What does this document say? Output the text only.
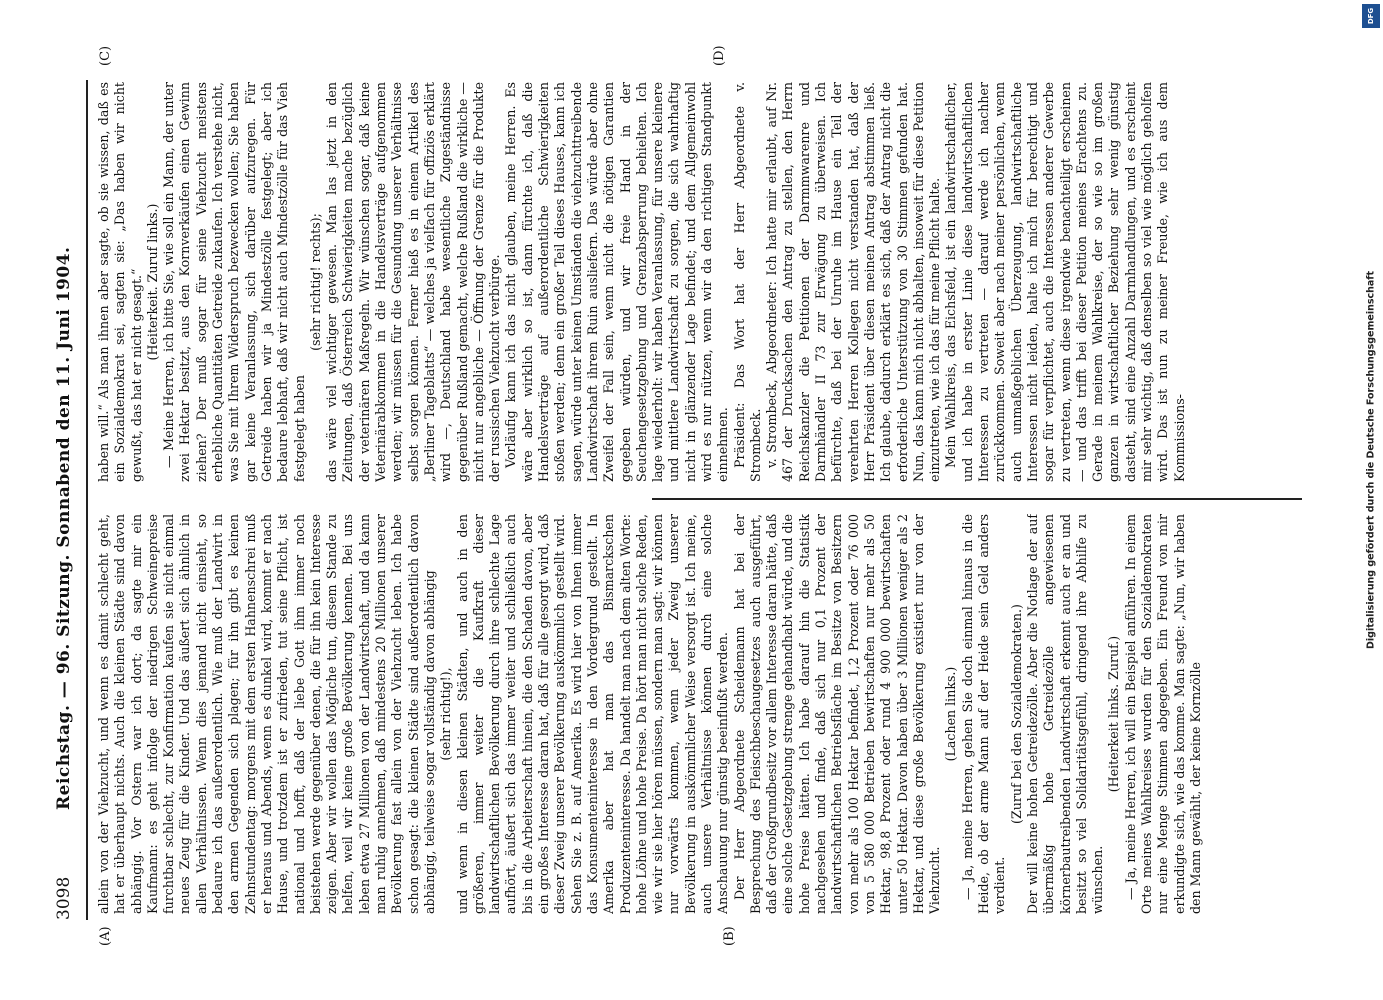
3098
Reichstag. — 96. Sitzung. Sonnabend den 11. Juni 1904.
(A)	(B)
(C)	(D)

allein von der Viehzucht, und wenn es damit schlecht geht, hat er überhaupt nichts. Auch die kleinen Städte sind davon abhängig. Vor Ostern war ich dort; da sagte mir ein Kaufmann: es geht infolge der niedrigen Schweinepreise furchtbar schlecht, zur Konfirmation kaufen sie nicht einmal neues Zeug für die Kinder. Und das äußert sich ähnlich in allen Verhältnissen. Wenn dies jemand nicht einsieht, so bedaure ich das außerordentlich. Wie muß der Landwirt in den armen Gegenden sich plagen; für ihn gibt es keinen Zehnstundentag: morgens mit dem ersten Hahnenschrei muß er heraus und Abends, wenn es dunkel wird, kommt er nach Hause, und trotzdem ist er zufrieden, tut seine Pflicht, ist national und hofft, daß der liebe Gott ihm immer noch beistehen werde gegenüber denen, die für ihn kein Interesse zeigen. Aber wir wollen das Mögliche tun, diesem Stande zu helfen, weil wir keine große Bevölkerung kennen. Bei uns leben etwa 27 Millionen von der Landwirtschaft, und da kann man ruhig annehmen, daß mindestens 20 Millionen unserer Bevölkerung fast allein von der Viehzucht leben. Ich habe schon gesagt: die kleinen Städte sind außerordentlich davon abhängig, teilweise sogar vollständig davon abhängig (sehr richtig!), und wenn in diesen kleinen Städten, und auch in den größeren, immer weiter die Kaufkraft dieser landwirtschaftlichen Bevölkerung durch ihre schlechte Lage aufhört, äußert sich das immer weiter und schließlich auch bis in die Arbeiterschaft hinein, die den Schaden davon, aber ein großes Interesse daran hat, daß für alle gesorgt wird, daß dieser Zweig unserer Bevölkerung auskömmlich gestellt wird. Sehen Sie z. B. auf Amerika. Es wird hier von Ihnen immer das Konsumenteninteresse in den Vordergrund gestellt. In Amerika aber hat man das Bismarckschen Produzenteninteresse. Da handelt man nach dem alten Worte: hohe Löhne und hohe Preise. Da hört man nicht solche Reden, wie wir sie hier hören müssen, sondern man sagt: wir können nur vorwärts kommen, wenn jeder Zweig unserer Bevölkerung in auskömmlicher Weise versorgt ist. Ich meine, auch unsere Verhältnisse können durch eine solche Anschauung nur günstig beeinflußt werden. Der Herr Abgeordnete Scheidemann hat bei der Besprechung des Fleischbeschaugesetzes auch ausgeführt, daß der Großgrundbesitz vor allem Interesse daran hätte, daß eine solche Gesetzgebung strenge gehandhabt würde, und die hohe Preise hätten. Ich habe darauf hin die Statistik nachgesehen und finde, daß sich nur 0,1 Prozent der landwirtschaftlichen Betriebsfläche im Besitze von Besitzern von mehr als 100 Hektar befindet, 1,2 Prozent oder 76 000 von 5 580 000 Betrieben bewirtschaften nur mehr als 50 Hektar, 98,8 Prozent oder rund 4 900 000 bewirtschaften unter 50 Hektar. Davon haben über 3 Millionen weniger als 2 Hektar, und diese große Bevölkerung existiert nur von der Viehzucht.

(Lachen links.) — Ja, meine Herren, gehen Sie doch einmal hinaus in die Heide, ob der arme Mann auf der Heide sein Geld anders verdient.

(Zuruf bei den Sozialdemokraten.) Der will keine hohen Getreidezölle. Aber die Notlage der auf übermäßig hohe Getreidezölle angewiesenen körnerbautreibenden Landwirtschaft erkennt auch er an und besitzt so viel Solidaritätsgefühl, dringend ihre Abhilfe zu wünschen.

(Heiterkeit links. Zuruf.) — Ja, meine Herren, ich will ein Beispiel anführen. In einem Orte meines Wahlkreises wurden für den Sozialdemokraten nur eine Menge Stimmen abgegeben. Ein Freund von mir erkundigte sich, wie das komme. Man sagte: „Nun, wir haben den Mann gewählt, der keine Kornzölle

haben will.“ Als man ihnen aber sagte, ob sie wissen, daß es ein Sozialdemokrat sei, sagten sie: „Das haben wir nicht gewußt, das hat er nicht gesagt.“ (Heiterkeit. Zuruf links.) — Meine Herren, ich bitte Sie, wie soll ein Mann, der unter zwei Hektar besitzt, aus den Kornverkäufen einen Gewinn ziehen? Der muß sogar für seine Viehzucht meistens erhebliche Quantitäten Getreide zukaufen. Ich verstehe nicht, was Sie mit Ihrem Widerspruch bezwecken wollen; Sie haben gar keine Veranlassung, sich darüber aufzuregen. Für Getreide haben wir ja Mindestzölle festgelegt; aber ich bedaure lebhaft, daß wir nicht auch Mindestzölle für das Vieh festgelegt haben

(sehr richtig! rechts); das wäre viel wichtiger gewesen. Man las jetzt in den Zeitungen, daß Österreich Schwierigkeiten mache bezüglich der veterinären Maßregeln. Wir wünschen sogar, daß keine Veterinärabkommen in die Handelsverträge aufgenommen werden; wir müssen für die Gesundung unserer Verhältnisse selbst sorgen können. Ferner hieß es in einem Artikel des „Berliner Tageblatts“ — welches ja vielfach für offiziös erklärt wird —, Deutschland habe wesentliche Zugeständnisse gegenüber Rußland gemacht, welche Rußland die wirkliche — nicht nur angebliche — Öffnung der Grenze für die Produkte der russischen Viehzucht verbürge. Vorläufig kann ich das nicht glauben, meine Herren. Es wäre aber wirklich so ist, dann fürchte ich, daß die Handelsverträge auf außerordentliche Schwierigkeiten stoßen werden; denn ein großer Teil dieses Hauses, kann ich sagen, würde unter keinen Umständen die viehzuchttreibende Landwirtschaft ihrem Ruin ausliefern. Das würde aber ohne Zweifel der Fall sein, wenn nicht die nötigen Garantien gegeben würden, und wir freie Hand in der Seuchengesetzgebung und Grenzabsperrung behielten. Ich lage wiederholt: wir haben Veranlassung, für unsere kleinere und mittlere Landwirtschaft zu sorgen, die sich wahrhaftig nicht in glänzender Lage befindet; und dem Allgemeinwohl wird es nur nützen, wenn wir da den richtigen Standpunkt einnehmen. Präsident: Das Wort hat der Herr Abgeordnete v. Strombeck. v. Strombeck, Abgeordneter: Ich hatte mir erlaubt, auf Nr. 467 der Drucksachen den Antrag zu stellen, den Herrn Reichskanzler die Petitionen der Darmmwarenre und Darmhändler II 73 zur Erwägung zu überweisen. Ich befürchte, daß bei der Unruhe im Hause ein Teil der verehrten Herren Kollegen nicht verstanden hat, daß der Herr Präsident über diesen meinen Antrag abstimmen ließ. Ich glaube, dadurch erklärt es sich, daß der Antrag nicht die erforderliche Unterstützung von 30 Stimmen gefunden hat. Nun, das kann mich nicht abhalten, insoweit für diese Petition einzutreten, wie ich das für meine Pflicht halte. Mein Wahlkreis, das Eichsfeld, ist ein landwirtschaftlicher, und ich habe in erster Linie diese landwirtschaftlichen Interessen zu vertreten — darauf werde ich nachher zurückkommen. Soweit aber nach meiner persönlichen, wenn auch unmaßgeblichen Überzeugung, landwirtschaftliche Interessen nicht leiden, halte ich mich für berechtigt und sogar für verpflichtet, auch die Interessen anderer Gewerbe zu vertreten, wenn diese irgendwie benachteiligt erscheinen — und das trifft bei dieser Petition meines Erachtens zu. Gerade in meinem Wahlkreise, der so wie so im großen ganzen in wirtschaftlicher Beziehung sehr wenig günstig dasteht, sind eine Anzahl Darmhandlungen, und es erscheint mir sehr wichtig, daß denselben so viel wie möglich geholfen wird. Das ist nun zu meiner Freude, wie ich aus dem Kommissions-	Digitalisierung gefördert durch die Deutsche Forschungsgemeinschaft
DFG
